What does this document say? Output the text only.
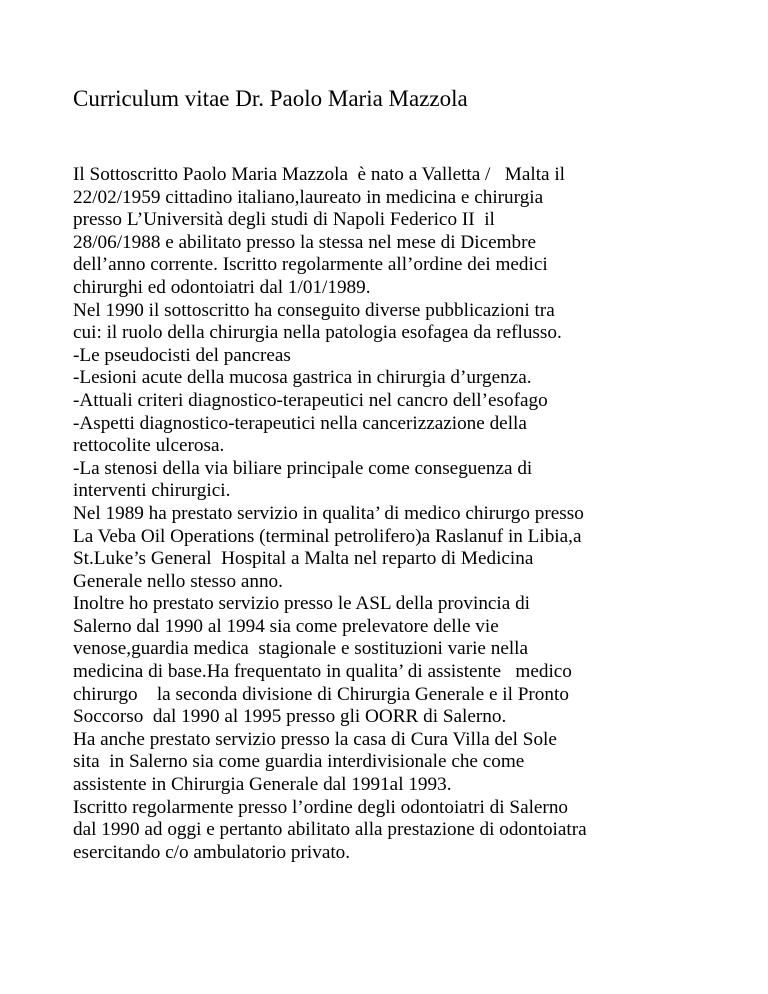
Curriculum vitae Dr. Paolo Maria Mazzola
Il Sottoscritto Paolo Maria Mazzola  è nato a Valletta /   Malta il
22/02/1959 cittadino italiano,laureato in medicina e chirurgia
presso L’Università degli studi di Napoli Federico II  il
28/06/1988 e abilitato presso la stessa nel mese di Dicembre
dell’anno corrente. Iscritto regolarmente all’ordine dei medici
chirurghi ed odontoiatri dal 1/01/1989.
Nel 1990 il sottoscritto ha conseguito diverse pubblicazioni tra
cui: il ruolo della chirurgia nella patologia esofagea da reflusso.
-Le pseudocisti del pancreas
-Lesioni acute della mucosa gastrica in chirurgia d’urgenza.
-Attuali criteri diagnostico-terapeutici nel cancro dell’esofago
-Aspetti diagnostico-terapeutici nella cancerizzazione della
rettocolite ulcerosa.
-La stenosi della via biliare principale come conseguenza di
interventi chirurgici.
Nel 1989 ha prestato servizio in qualita’ di medico chirurgo presso
La Veba Oil Operations (terminal petrolifero)a Raslanuf in Libia,a
St.Luke’s General  Hospital a Malta nel reparto di Medicina
Generale nello stesso anno.
Inoltre ho prestato servizio presso le ASL della provincia di
Salerno dal 1990 al 1994 sia come prelevatore delle vie
venose,guardia medica  stagionale e sostituzioni varie nella
medicina di base.Ha frequentato in qualita’ di assistente   medico
chirurgo    la seconda divisione di Chirurgia Generale e il Pronto
Soccorso  dal 1990 al 1995 presso gli OORR di Salerno.
Ha anche prestato servizio presso la casa di Cura Villa del Sole
sita  in Salerno sia come guardia interdivisionale che come
assistente in Chirurgia Generale dal 1991al 1993.
Iscritto regolarmente presso l’ordine degli odontoiatri di Salerno
dal 1990 ad oggi e pertanto abilitato alla prestazione di odontoiatra
esercitando c/o ambulatorio privato.
